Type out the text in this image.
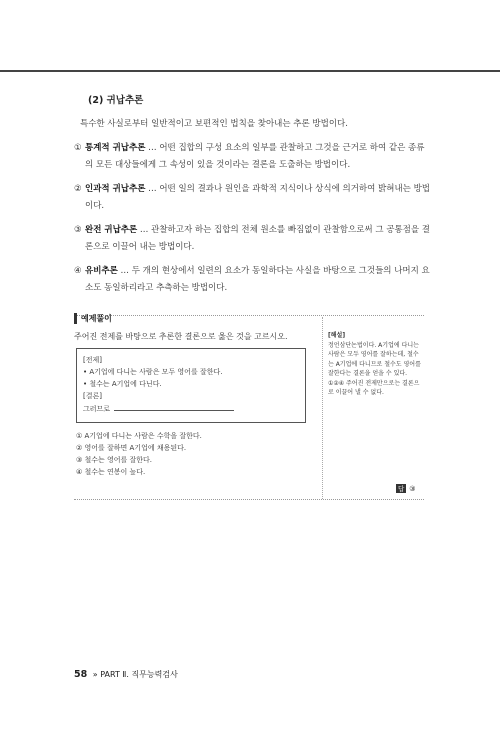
(2) 귀납추론
특수한 사실로부터 일반적이고 보편적인 법칙을 찾아내는 추론 방법이다.
① 통계적 귀납추론 … 어떤 집합의 구성 요소의 일부를 관찰하고 그것을 근거로 하여 같은 종류의 모든 대상들에게 그 속성이 있을 것이라는 결론을 도출하는 방법이다.
② 인과적 귀납추론 … 어떤 일의 결과나 원인을 과학적 지식이나 상식에 의거하여 밝혀내는 방법이다.
③ 완전 귀납추론 … 관찰하고자 하는 집합의 전체 원소를 빠짐없이 관찰함으로써 그 공통점을 결론으로 이끌어 내는 방법이다.
④ 유비추론 … 두 개의 현상에서 일련의 요소가 동일하다는 사실을 바탕으로 그것들의 나머지 요소도 동일하리라고 추측하는 방법이다.
예제풀이
주어진 전제를 바탕으로 추론한 결론으로 옳은 것을 고르시오.
[전제]
• A기업에 다니는 사람은 모두 영어를 잘한다.
• 철수는 A기업에 다닌다.
[결론]
그러므로
① A기업에 다니는 사람은 수학을 잘한다.
② 영어를 잘하면 A기업에 채용된다.
③ 철수는 영어를 잘한다.
④ 철수는 연봉이 높다.
[해설]
정언삼단논법이다. A기업에 다니는 사람은 모두 영어를 잘하는데, 철수는 A기업에 다니므로 철수도 영어를 잘한다는 결론을 얻을 수 있다. ①②④ 주어진 전제만으로는 결론으로 이끌어 낼 수 없다.
답 ③
58 » PART Ⅱ. 직무능력검사
